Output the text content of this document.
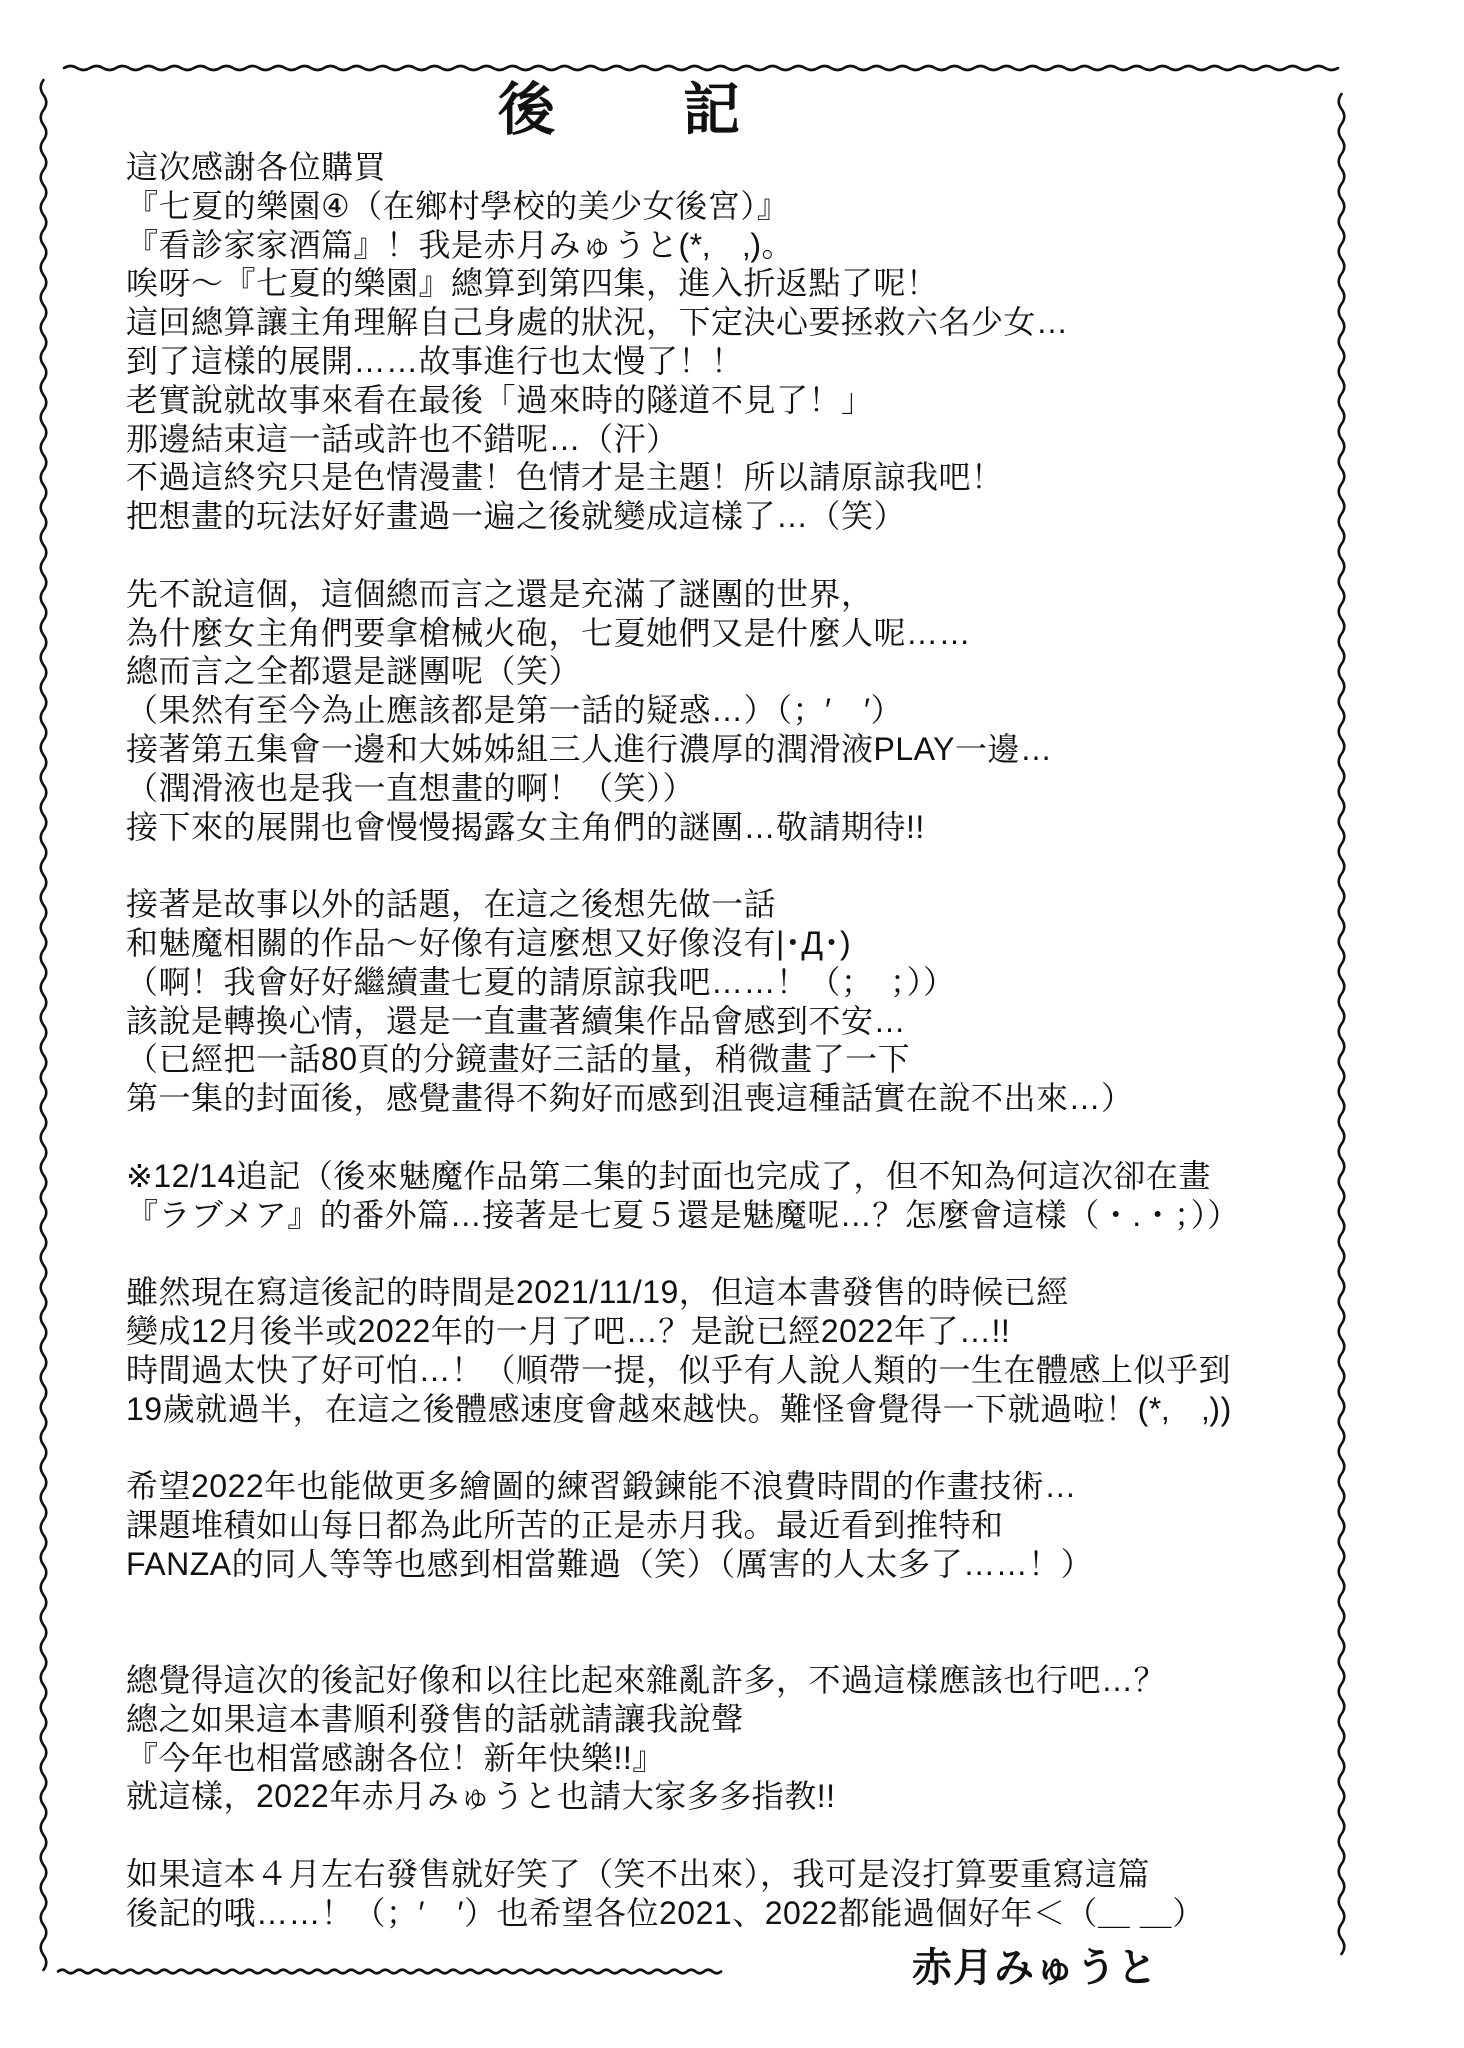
後 記
這次感謝各位購買
『七夏的樂園④（在鄉村學校的美少女後宮）』
『看診家家酒篇』！我是赤月みゅうと(*‚　‚)。
唉呀～『七夏的樂園』總算到第四集，進入折返點了呢！
這回總算讓主角理解自己身處的狀況，下定決心要拯救六名少女…
到了這樣的展開……故事進行也太慢了！！
老實說就故事來看在最後「過來時的隧道不見了！」
那邊結束這一話或許也不錯呢…（汗）
不過這終究只是色情漫畫！色情才是主題！所以請原諒我吧！
把想畫的玩法好好畫過一遍之後就變成這樣了…（笑）

先不說這個，這個總而言之還是充滿了謎團的世界，
為什麼女主角們要拿槍械火砲，七夏她們又是什麼人呢……
總而言之全都還是謎團呢（笑）
（果然有至今為止應該都是第一話的疑惑…）（；′　′）
接著第五集會一邊和大姊姊組三人進行濃厚的潤滑液PLAY一邊…
（潤滑液也是我一直想畫的啊！（笑））
接下來的展開也會慢慢揭露女主角們的謎團…敬請期待!!

接著是故事以外的話題，在這之後想先做一話
和魅魔相關的作品～好像有這麼想又好像沒有|･Д･)
（啊！我會好好繼續畫七夏的請原諒我吧……！（；　；））
該說是轉換心情，還是一直畫著續集作品會感到不安…
（已經把一話80頁的分鏡畫好三話的量，稍微畫了一下
第一集的封面後，感覺畫得不夠好而感到沮喪這種話實在說不出來…）

※12/14追記（後來魅魔作品第二集的封面也完成了，但不知為何這次卻在畫
『ラブメア』的番外篇…接著是七夏５還是魅魔呢…？怎麼會這樣（・.・；））

雖然現在寫這後記的時間是2021/11/19，但這本書發售的時候已經
變成12月後半或2022年的一月了吧…？是說已經2022年了…!!
時間過太快了好可怕…！（順帶一提，似乎有人說人類的一生在體感上似乎到
19歲就過半，在這之後體感速度會越來越快。難怪會覺得一下就過啦！(*‚　‚))

希望2022年也能做更多繪圖的練習鍛鍊能不浪費時間的作畫技術…
課題堆積如山每日都為此所苦的正是赤月我。最近看到推特和
FANZA的同人等等也感到相當難過（笑）（厲害的人太多了……！）

總覺得這次的後記好像和以往比起來雜亂許多，不過這樣應該也行吧…？
總之如果這本書順利發售的話就請讓我說聲
『今年也相當感謝各位！新年快樂!!』
就這樣，2022年赤月みゅうと也請大家多多指教!!

如果這本４月左右發售就好笑了（笑不出來），我可是沒打算要重寫這篇
後記的哦……！（；′　′）也希望各位2021、2022都能過個好年＜（＿ ＿）
赤月みゅうと
